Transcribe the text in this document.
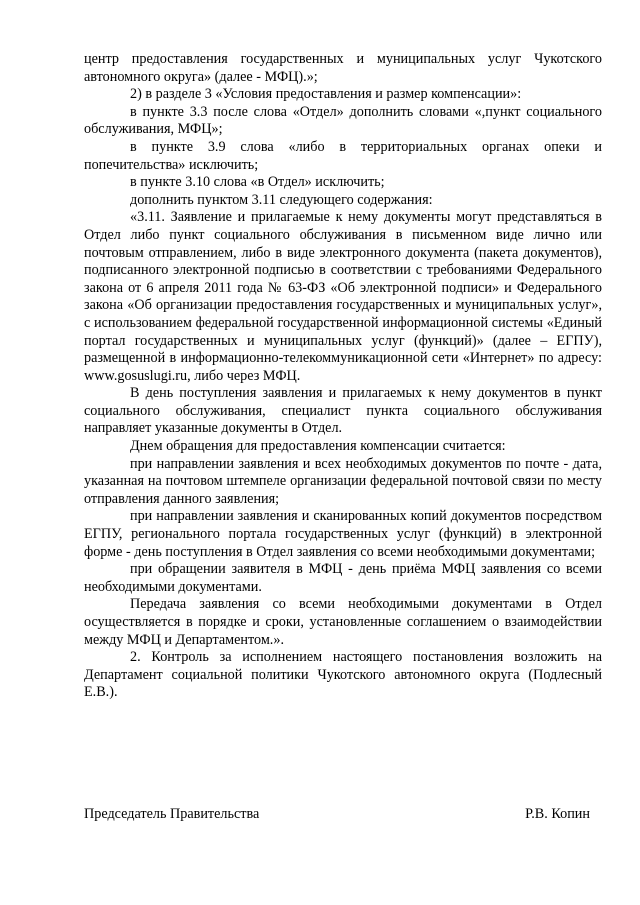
центр предоставления государственных и муниципальных услуг Чукотского автономного округа» (далее - МФЦ).»;

2) в разделе 3 «Условия предоставления и размер компенсации»:

в пункте 3.3 после слова «Отдел» дополнить словами «,пункт социального обслуживания, МФЦ»;

в пункте 3.9 слова «либо в территориальных органах опеки и попечительства» исключить;

в пункте 3.10 слова «в Отдел» исключить;

дополнить пунктом 3.11 следующего содержания:

«3.11. Заявление и прилагаемые к нему документы могут представляться в Отдел либо пункт социального обслуживания в письменном виде лично или почтовым отправлением, либо в виде электронного документа (пакета документов), подписанного электронной подписью в соответствии с требованиями Федерального закона от 6 апреля 2011 года № 63-ФЗ «Об электронной подписи» и Федерального закона «Об организации предоставления государственных и муниципальных услуг», с использованием федеральной государственной информационной системы «Единый портал государственных и муниципальных услуг (функций)» (далее – ЕГПУ), размещенной в информационно-телекоммуникационной сети «Интернет» по адресу: www.gosuslugi.ru, либо через МФЦ.

В день поступления заявления и прилагаемых к нему документов в пункт социального обслуживания, специалист пункта социального обслуживания направляет указанные документы в Отдел.

Днем обращения для предоставления компенсации считается:

при направлении заявления и всех необходимых документов по почте - дата, указанная на почтовом штемпеле организации федеральной почтовой связи по месту отправления данного заявления;

при направлении заявления и сканированных копий документов посредством ЕГПУ, регионального портала государственных услуг (функций) в электронной форме - день поступления в Отдел заявления со всеми необходимыми документами;

при обращении заявителя в МФЦ - день приёма МФЦ заявления со всеми необходимыми документами.

Передача заявления со всеми необходимыми документами в Отдел осуществляется в порядке и сроки, установленные соглашением о взаимодействии между МФЦ и Департаментом.».

2. Контроль за исполнением настоящего постановления возложить на Департамент социальной политики Чукотского автономного округа (Подлесный Е.В.).

Председатель Правительства	Р.В. Копин
